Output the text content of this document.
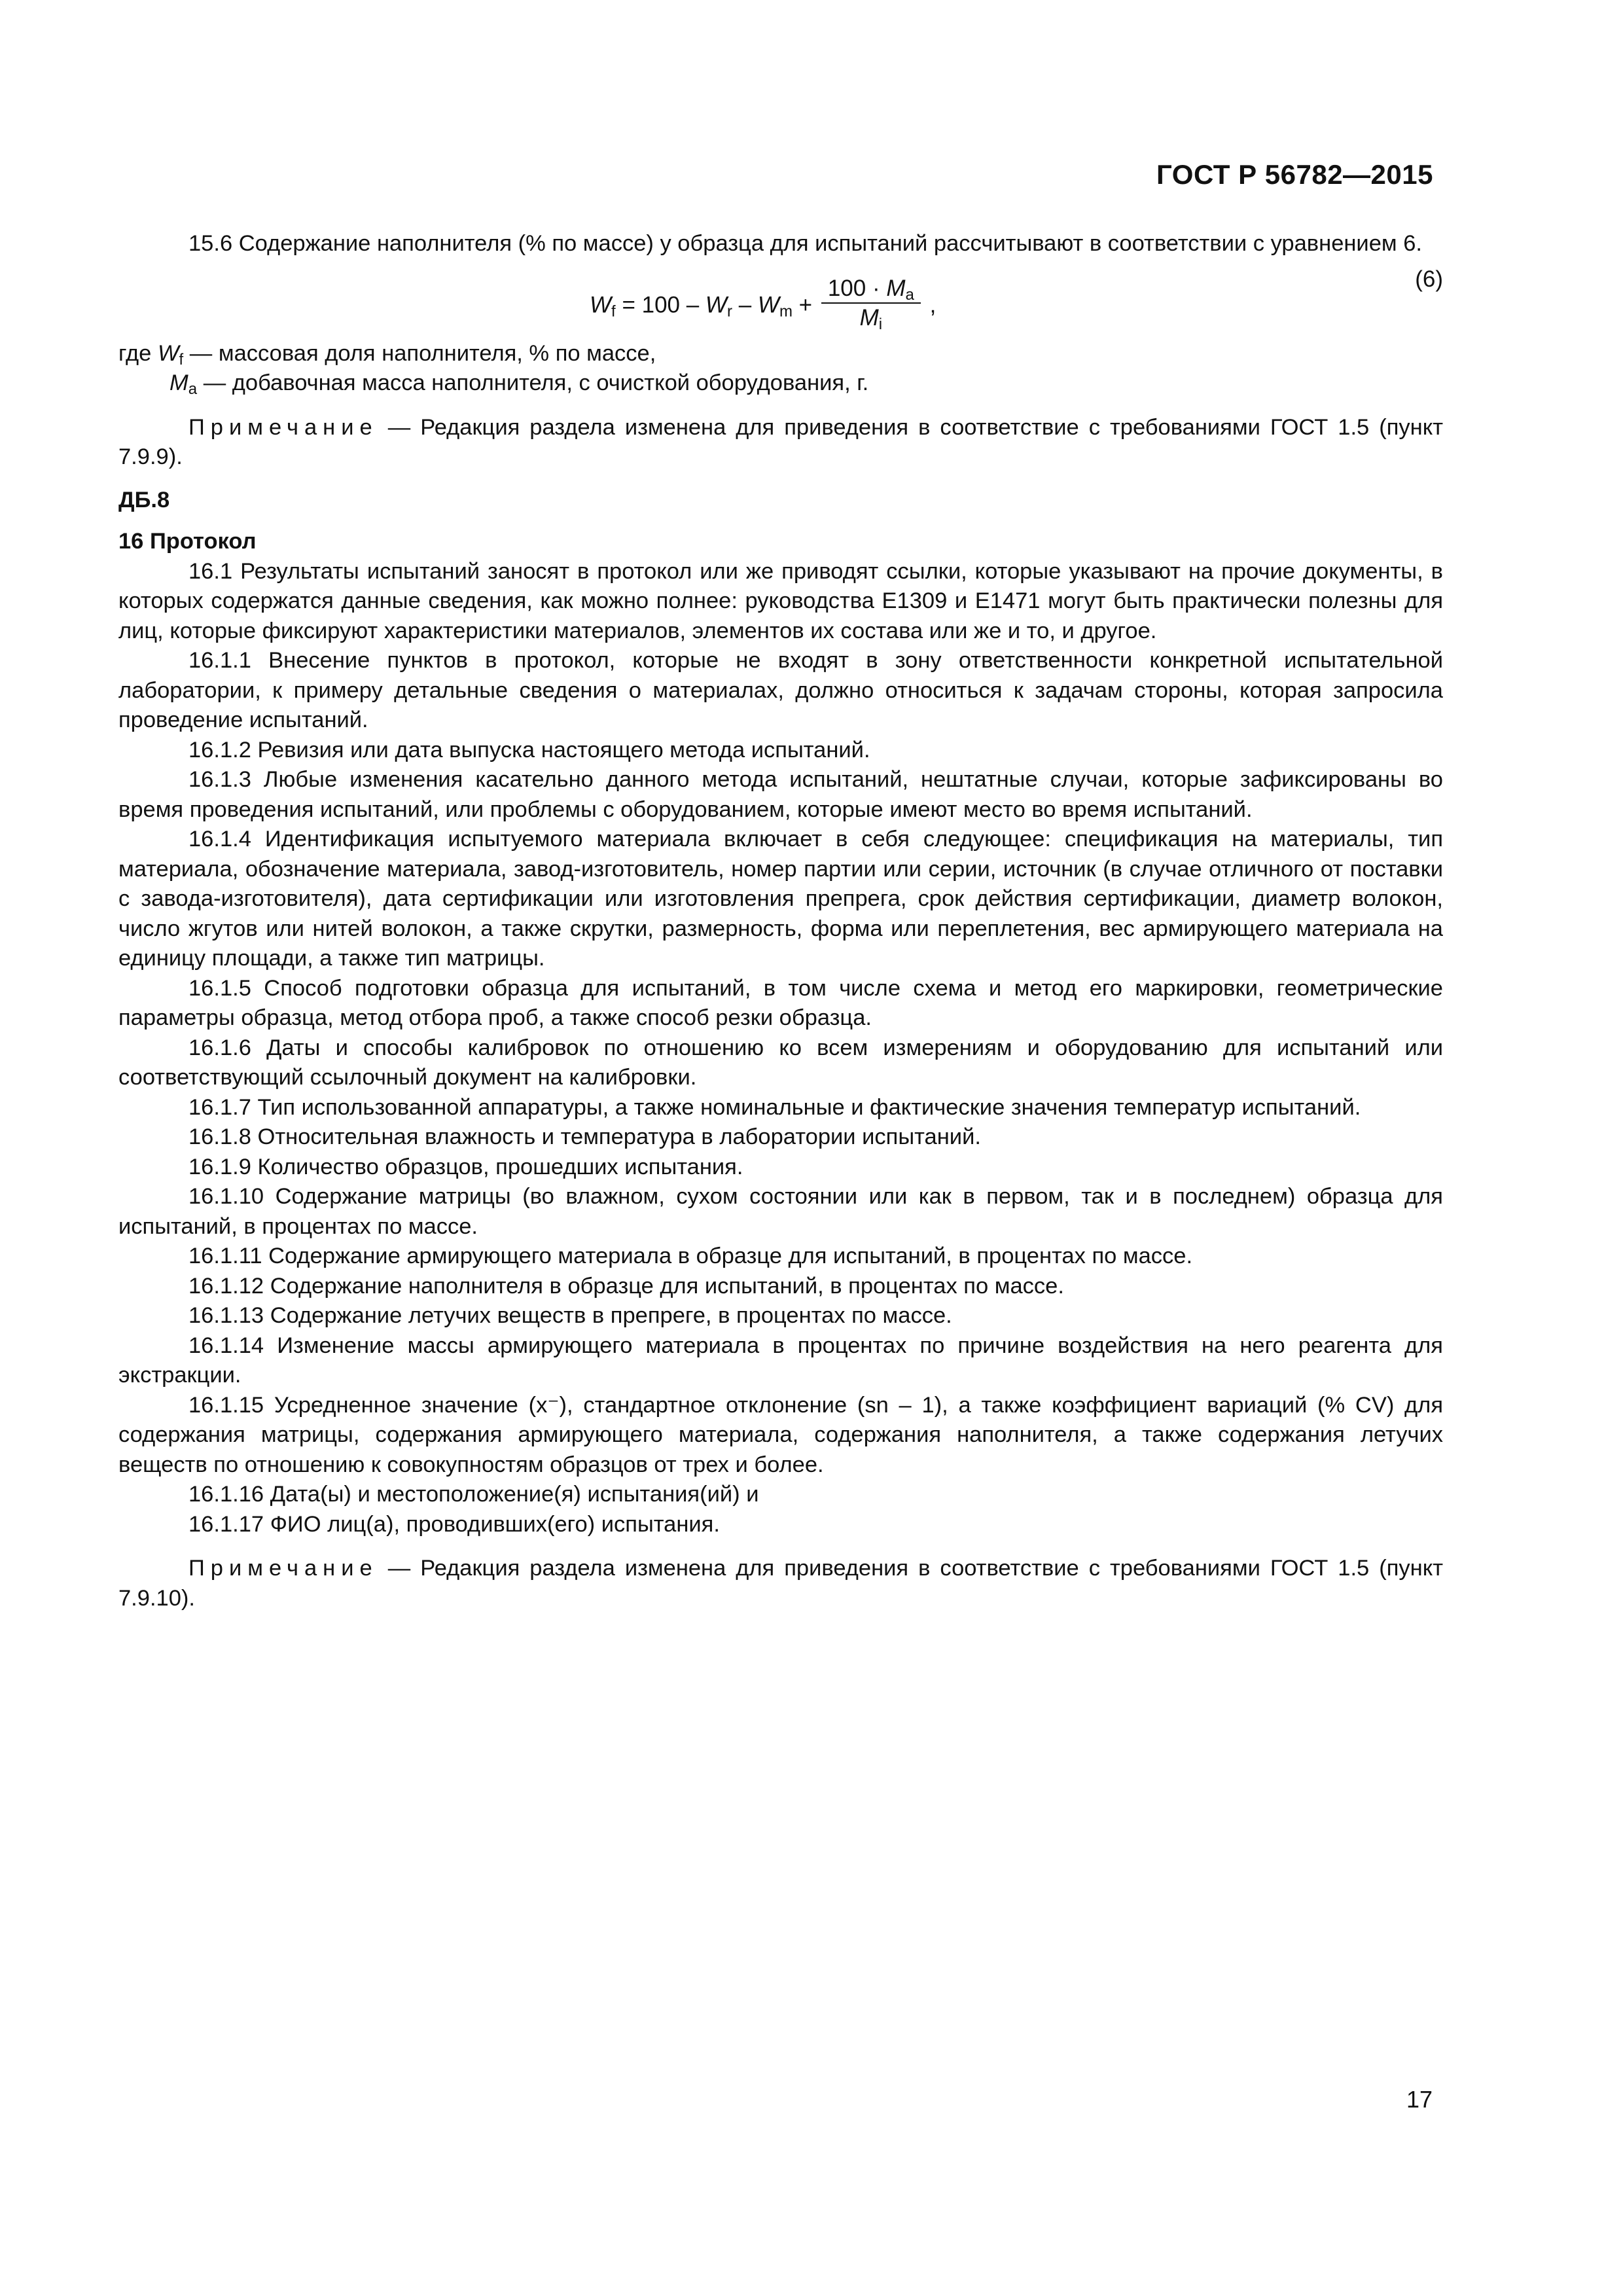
ГОСТ Р 56782—2015

15.6 Содержание наполнителя (% по массе) у образца для испытаний рассчитывают в соответствии с уравнением 6.

$W_f = 100 - W_r - W_m + \frac{100 \cdot M_a}{M_i}$ ,
(6)
где $W_f$ — массовая доля наполнителя, % по массе,
$M_a$ — добавочная масса наполнителя, с очисткой оборудования, г.

Примечание — Редакция раздела изменена для приведения в соответствие с требованиями ГОСТ 1.5 (пункт 7.9.9).

ДБ.8

16 Протокол

16.1 Результаты испытаний заносят в протокол или же приводят ссылки, которые указывают на прочие документы, в которых содержатся данные сведения, как можно полнее: руководства E1309 и E1471 могут быть практически полезны для лиц, которые фиксируют характеристики материалов, элементов их состава или же и то, и другое.

16.1.1 Внесение пунктов в протокол, которые не входят в зону ответственности конкретной испытательной лаборатории, к примеру детальные сведения о материалах, должно относиться к задачам стороны, которая запросила проведение испытаний.

16.1.2 Ревизия или дата выпуска настоящего метода испытаний.

16.1.3 Любые изменения касательно данного метода испытаний, нештатные случаи, которые зафиксированы во время проведения испытаний, или проблемы с оборудованием, которые имеют место во время испытаний.

16.1.4 Идентификация испытуемого материала включает в себя следующее: спецификация на материалы, тип материала, обозначение материала, завод-изготовитель, номер партии или серии, источник (в случае отличного от поставки с завода-изготовителя), дата сертификации или изготовления препрега, срок действия сертификации, диаметр волокон, число жгутов или нитей волокон, а также скрутки, размерность, форма или переплетения, вес армирующего материала на единицу площади, а также тип матрицы.

16.1.5 Способ подготовки образца для испытаний, в том числе схема и метод его маркировки, геометрические параметры образца, метод отбора проб, а также способ резки образца.

16.1.6 Даты и способы калибровок по отношению ко всем измерениям и оборудованию для испытаний или соответствующий ссылочный документ на калибровки.

16.1.7 Тип использованной аппаратуры, а также номинальные и фактические значения температур испытаний.

16.1.8 Относительная влажность и температура в лаборатории испытаний.

16.1.9 Количество образцов, прошедших испытания.

16.1.10 Содержание матрицы (во влажном, сухом состоянии или как в первом, так и в последнем) образца для испытаний, в процентах по массе.

16.1.11 Содержание армирующего материала в образце для испытаний, в процентах по массе.

16.1.12 Содержание наполнителя в образце для испытаний, в процентах по массе.

16.1.13 Содержание летучих веществ в препреге, в процентах по массе.

16.1.14 Изменение массы армирующего материала в процентах по причине воздействия на него реагента для экстракции.

16.1.15 Усредненное значение (x⁻), стандартное отклонение (sn – 1), а также коэффициент вариаций (% CV) для содержания матрицы, содержания армирующего материала, содержания наполнителя, а также содержания летучих веществ по отношению к совокупностям образцов от трех и более.

16.1.16 Дата(ы) и местоположение(я) испытания(ий) и

16.1.17 ФИО лиц(а), проводивших(его) испытания.

Примечание — Редакция раздела изменена для приведения в соответствие с требованиями ГОСТ 1.5 (пункт 7.9.10).

17
